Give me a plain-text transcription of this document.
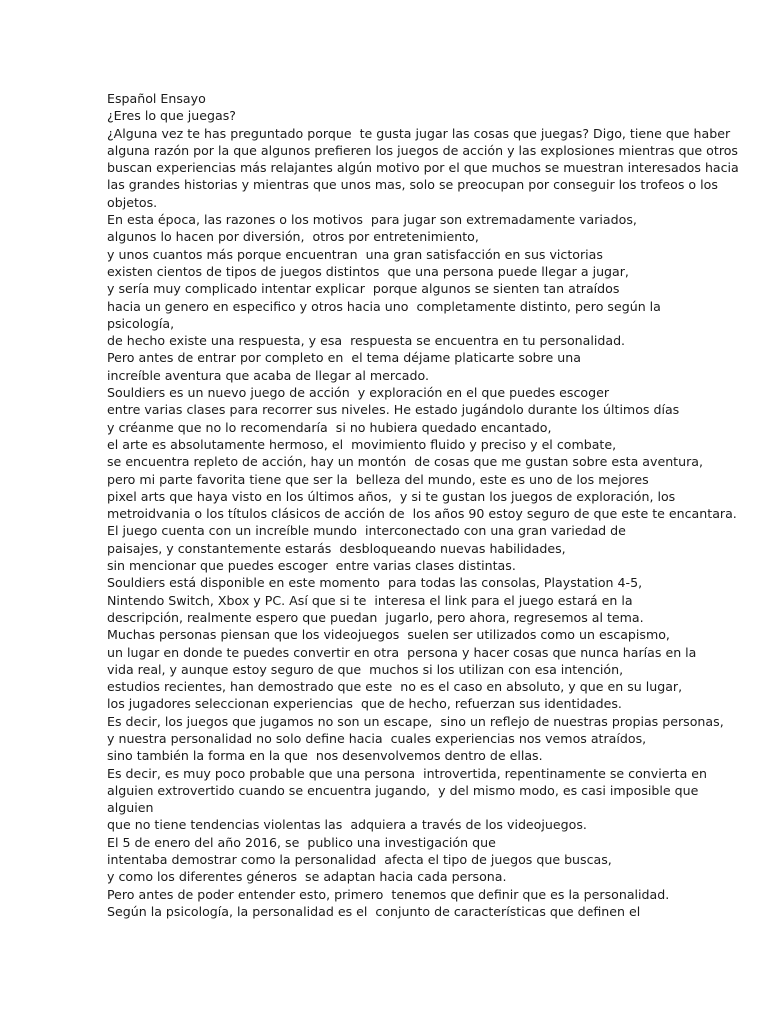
Español Ensayo
¿Eres lo que juegas?
¿Alguna vez te has preguntado porque  te gusta jugar las cosas que juegas? Digo, tiene que haber
alguna razón por la que algunos prefieren los juegos de acción y las explosiones mientras que otros
buscan experiencias más relajantes algún motivo por el que muchos se muestran interesados hacia
las grandes historias y mientras que unos mas, solo se preocupan por conseguir los trofeos o los
objetos.
En esta época, las razones o los motivos  para jugar son extremadamente variados,
algunos lo hacen por diversión,  otros por entretenimiento,
y unos cuantos más porque encuentran  una gran satisfacción en sus victorias
existen cientos de tipos de juegos distintos  que una persona puede llegar a jugar,
y sería muy complicado intentar explicar  porque algunos se sienten tan atraídos
hacia un genero en especifico y otros hacia uno  completamente distinto, pero según la
psicología,
de hecho existe una respuesta, y esa  respuesta se encuentra en tu personalidad.
Pero antes de entrar por completo en  el tema déjame platicarte sobre una
increíble aventura que acaba de llegar al mercado.
Souldiers es un nuevo juego de acción  y exploración en el que puedes escoger
entre varias clases para recorrer sus niveles. He estado jugándolo durante los últimos días
y créanme que no lo recomendaría  si no hubiera quedado encantado,
el arte es absolutamente hermoso, el  movimiento fluido y preciso y el combate,
se encuentra repleto de acción, hay un montón  de cosas que me gustan sobre esta aventura,
pero mi parte favorita tiene que ser la  belleza del mundo, este es uno de los mejores
pixel arts que haya visto en los últimos años,  y si te gustan los juegos de exploración, los
metroidvania o los títulos clásicos de acción de  los años 90 estoy seguro de que este te encantara.
El juego cuenta con un increíble mundo  interconectado con una gran variedad de
paisajes, y constantemente estarás  desbloqueando nuevas habilidades,
sin mencionar que puedes escoger  entre varias clases distintas.
Souldiers está disponible en este momento  para todas las consolas, Playstation 4-5,
Nintendo Switch, Xbox y PC. Así que si te  interesa el link para el juego estará en la
descripción, realmente espero que puedan  jugarlo, pero ahora, regresemos al tema.
Muchas personas piensan que los videojuegos  suelen ser utilizados como un escapismo,
un lugar en donde te puedes convertir en otra  persona y hacer cosas que nunca harías en la
vida real, y aunque estoy seguro de que  muchos si los utilizan con esa intención,
estudios recientes, han demostrado que este  no es el caso en absoluto, y que en su lugar,
los jugadores seleccionan experiencias  que de hecho, refuerzan sus identidades.
Es decir, los juegos que jugamos no son un escape,  sino un reflejo de nuestras propias personas,
y nuestra personalidad no solo define hacia  cuales experiencias nos vemos atraídos,
sino también la forma en la que  nos desenvolvemos dentro de ellas.
Es decir, es muy poco probable que una persona  introvertida, repentinamente se convierta en
alguien extrovertido cuando se encuentra jugando,  y del mismo modo, es casi imposible que
alguien
que no tiene tendencias violentas las  adquiera a través de los videojuegos.
El 5 de enero del año 2016, se  publico una investigación que
intentaba demostrar como la personalidad  afecta el tipo de juegos que buscas,
y como los diferentes géneros  se adaptan hacia cada persona.
Pero antes de poder entender esto, primero  tenemos que definir que es la personalidad.
Según la psicología, la personalidad es el  conjunto de características que definen el
